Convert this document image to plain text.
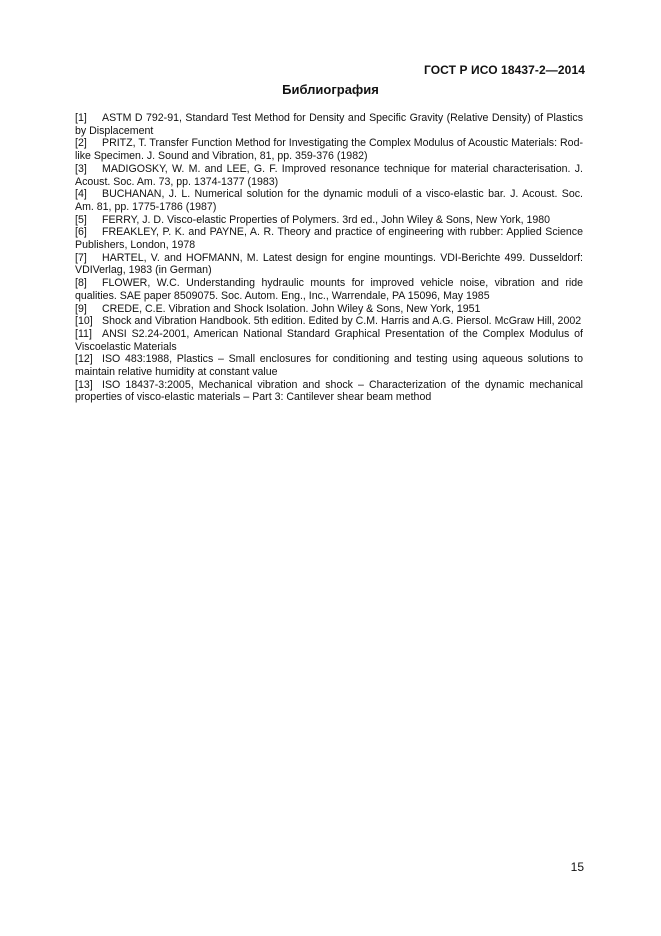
ГОСТ Р ИСО 18437-2—2014
Библиография
[1] ASTM D 792-91, Standard Test Method for Density and Specific Gravity (Relative Density) of Plastics by Displacement
[2] PRITZ, T. Transfer Function Method for Investigating the Complex Modulus of Acoustic Materials: Rod-like Specimen. J. Sound and Vibration, 81, pp. 359-376 (1982)
[3] MADIGOSKY, W. M. and LEE, G. F. Improved resonance technique for material characterisation. J. Acoust. Soc. Am. 73, pp. 1374-1377 (1983)
[4] BUCHANAN, J. L. Numerical solution for the dynamic moduli of a visco-elastic bar. J. Acoust. Soc. Am. 81, pp. 1775-1786 (1987)
[5] FERRY, J. D. Visco-elastic Properties of Polymers. 3rd ed., John Wiley & Sons, New York, 1980
[6] FREAKLEY, P. K. and PAYNE, A. R. Theory and practice of engineering with rubber: Applied Science Publishers, London, 1978
[7] HARTEL, V. and HOFMANN, M. Latest design for engine mountings. VDI-Berichte 499. Dusseldorf: VDIVerlag, 1983 (in German)
[8] FLOWER, W.C. Understanding hydraulic mounts for improved vehicle noise, vibration and ride qualities. SAE paper 8509075. Soc. Autom. Eng., Inc., Warrendale, PA 15096, May 1985
[9] CREDE, C.E. Vibration and Shock Isolation. John Wiley & Sons, New York, 1951
[10] Shock and Vibration Handbook. 5th edition. Edited by C.M. Harris and A.G. Piersol. McGraw Hill, 2002
[11] ANSI S2.24-2001, American National Standard Graphical Presentation of the Complex Modulus of Viscoelastic Materials
[12] ISO 483:1988, Plastics – Small enclosures for conditioning and testing using aqueous solutions to maintain relative humidity at constant value
[13] ISO 18437-3:2005, Mechanical vibration and shock – Characterization of the dynamic mechanical properties of visco-elastic materials – Part 3: Cantilever shear beam method
15
